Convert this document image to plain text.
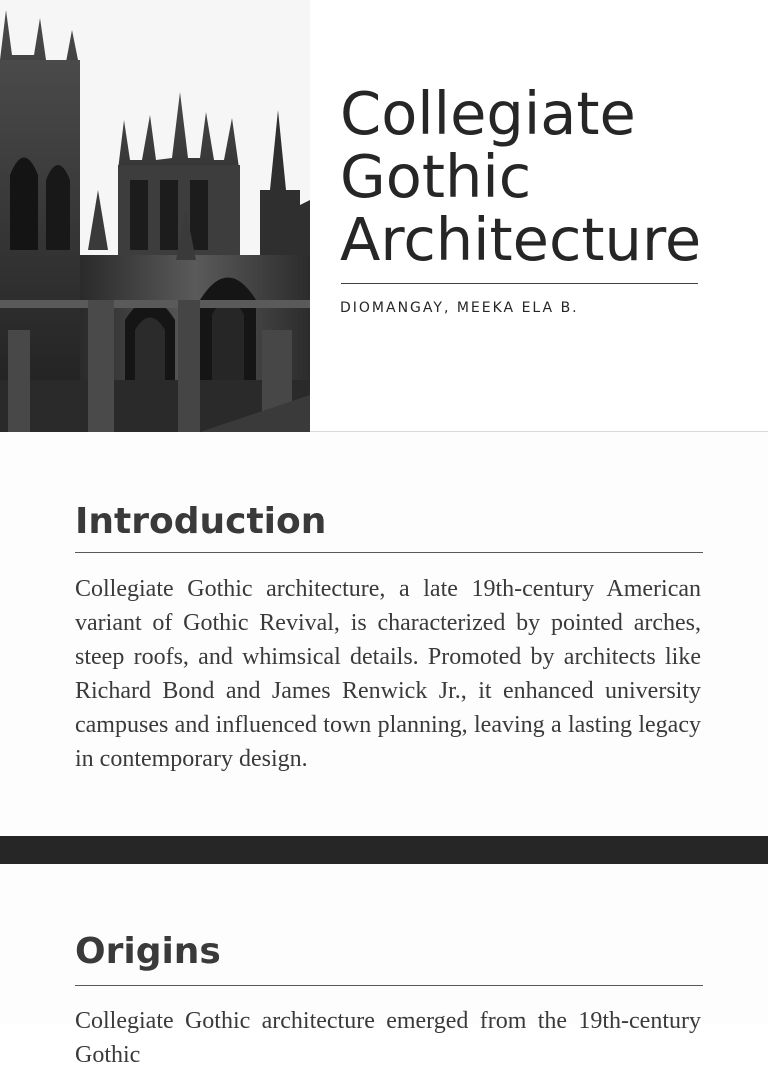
Collegiate Gothic Architecture
DIOMANGAY, MEEKA ELA B.
Introduction

Collegiate Gothic architecture, a late 19th-century American variant of Gothic Revival, is characterized by pointed arches, steep roofs, and whimsical details. Promoted by architects like Richard Bond and James Renwick Jr., it enhanced university campuses and influenced town planning, leaving a lasting legacy in contemporary design.

Origins

Collegiate Gothic architecture emerged from the 19th-century Gothic
